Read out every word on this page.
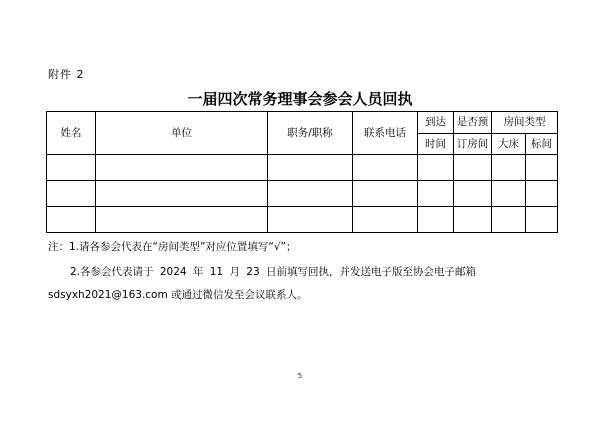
附件 2
一届四次常务理事会参会人员回执
姓名	单位	职务/职称	联系电话	到达	是否预	房间类型	
				时间	订房间	大床	标间

注：1.请各参会代表在“房间类型”对应位置填写“√”；
2.各参会代表请于 2024 年 11 月 23 日前填写回执，并发送电子版至协会电子邮箱
sdsyxh2021@163.com 或通过微信发至会议联系人。
5
